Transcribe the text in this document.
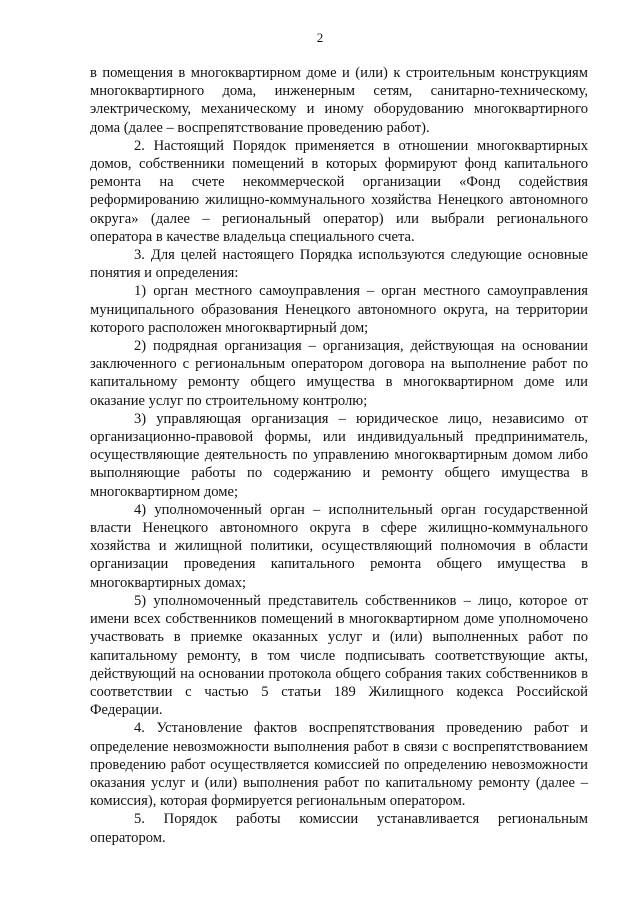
2

в помещения в многоквартирном доме и (или) к строительным конструкциям многоквартирного дома, инженерным сетям, санитарно-техническому, электрическому, механическому и иному оборудованию многоквартирного дома (далее – воспрепятствование проведению работ).

2. Настоящий Порядок применяется в отношении многоквартирных домов, собственники помещений в которых формируют фонд капитального ремонта на счете некоммерческой организации «Фонд содействия реформированию жилищно-коммунального хозяйства Ненецкого автономного округа» (далее – региональный оператор) или выбрали регионального оператора в качестве владельца специального счета.

3. Для целей настоящего Порядка используются следующие основные понятия и определения:

1) орган местного самоуправления – орган местного самоуправления муниципального образования Ненецкого автономного округа, на территории которого расположен многоквартирный дом;

2) подрядная организация – организация, действующая на основании заключенного с региональным оператором договора на выполнение работ по капитальному ремонту общего имущества в многоквартирном доме или оказание услуг по строительному контролю;

3) управляющая организация – юридическое лицо, независимо от организационно-правовой формы, или индивидуальный предприниматель, осуществляющие деятельность по управлению многоквартирным домом либо выполняющие работы по содержанию и ремонту общего имущества в многоквартирном доме;

4) уполномоченный орган – исполнительный орган государственной власти Ненецкого автономного округа в сфере жилищно-коммунального хозяйства и жилищной политики, осуществляющий полномочия в области организации проведения капитального ремонта общего имущества в многоквартирных домах;

5) уполномоченный представитель собственников – лицо, которое от имени всех собственников помещений в многоквартирном доме уполномочено участвовать в приемке оказанных услуг и (или) выполненных работ по капитальному ремонту, в том числе подписывать соответствующие акты, действующий на основании протокола общего собрания таких собственников в соответствии с частью 5 статьи 189 Жилищного кодекса Российской Федерации.

4. Установление фактов воспрепятствования проведению работ и определение невозможности выполнения работ в связи с воспрепятствованием проведению работ осуществляется комиссией по определению невозможности оказания услуг и (или) выполнения работ по капитальному ремонту (далее – комиссия), которая формируется региональным оператором.

5. Порядок работы комиссии устанавливается региональным оператором.
